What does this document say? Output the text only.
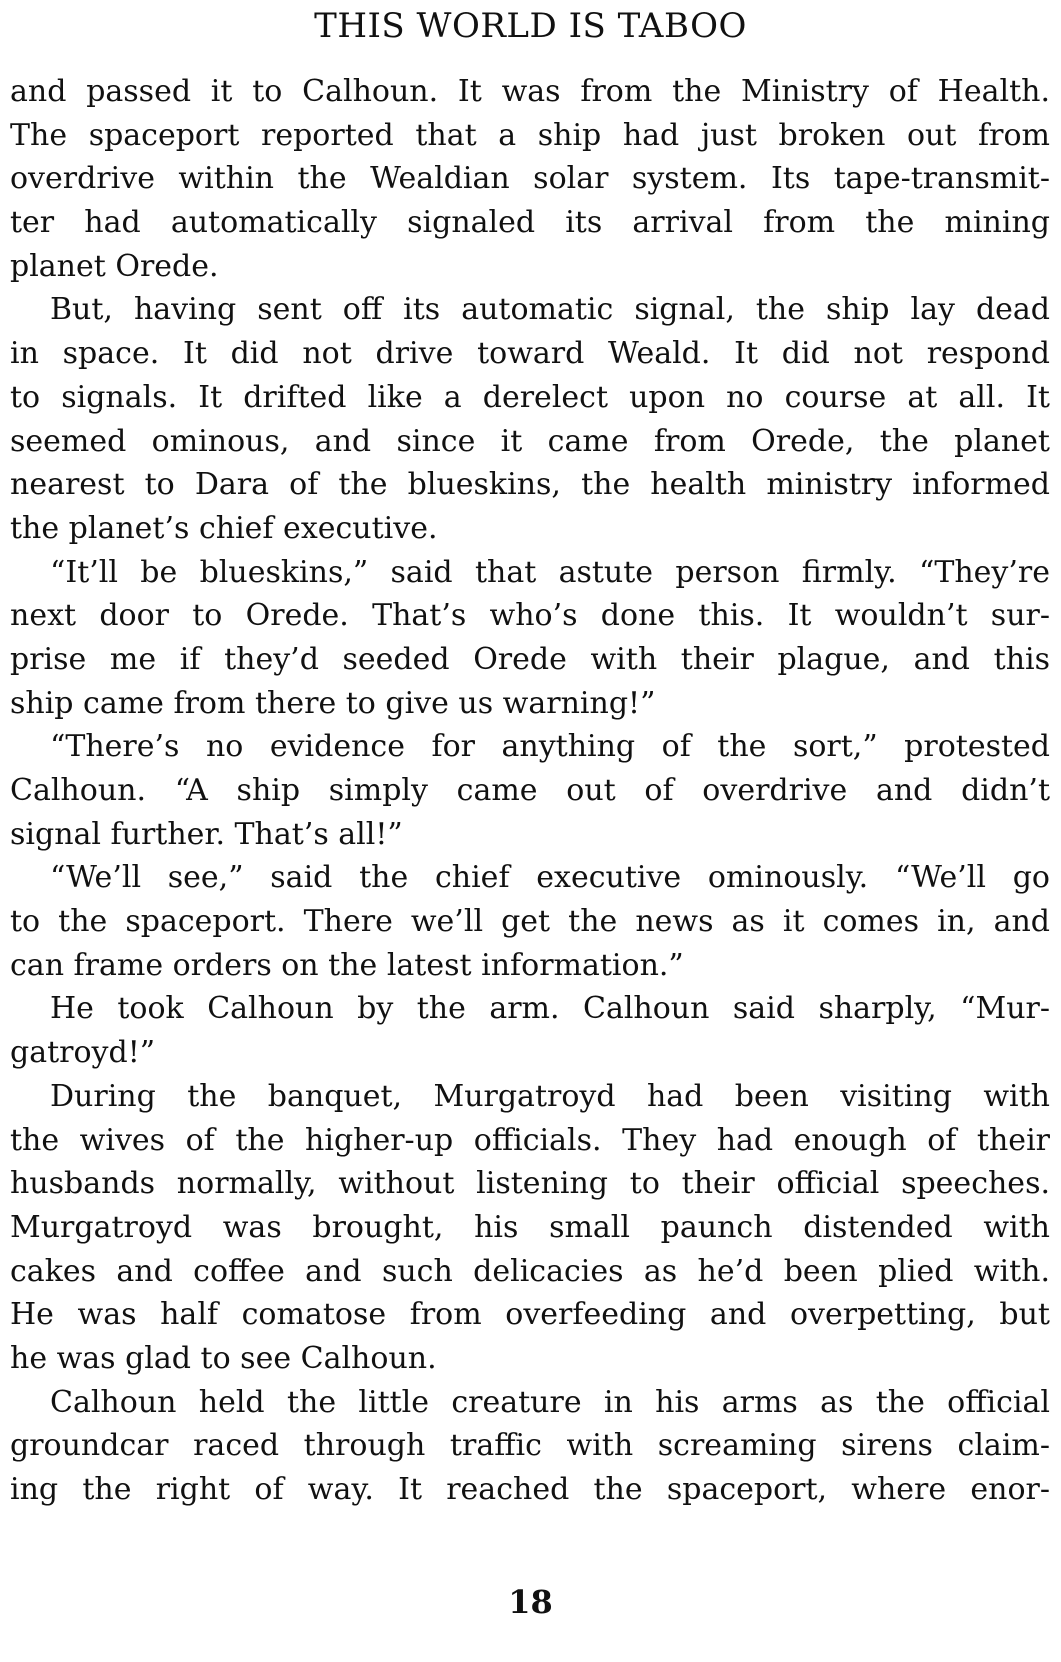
THIS WORLD IS TABOO
and passed it to Calhoun. It was from the Ministry of Health.
The spaceport reported that a ship had just broken out from
overdrive within the Wealdian solar system. Its tape-transmit-
ter had automatically signaled its arrival from the mining
planet Orede.
But, having sent off its automatic signal, the ship lay dead
in space. It did not drive toward Weald. It did not respond
to signals. It drifted like a derelect upon no course at all. It
seemed ominous, and since it came from Orede, the planet
nearest to Dara of the blueskins, the health ministry informed
the planet’s chief executive.
“It’ll be blueskins,” said that astute person firmly. “They’re
next door to Orede. That’s who’s done this. It wouldn’t sur-
prise me if they’d seeded Orede with their plague, and this
ship came from there to give us warning!”
“There’s no evidence for anything of the sort,” protested
Calhoun. “A ship simply came out of overdrive and didn’t
signal further. That’s all!”
“We’ll see,” said the chief executive ominously. “We’ll go
to the spaceport. There we’ll get the news as it comes in, and
can frame orders on the latest information.”
He took Calhoun by the arm. Calhoun said sharply, “Mur-
gatroyd!”
During the banquet, Murgatroyd had been visiting with
the wives of the higher-up officials. They had enough of their
husbands normally, without listening to their official speeches.
Murgatroyd was brought, his small paunch distended with
cakes and coffee and such delicacies as he’d been plied with.
He was half comatose from overfeeding and overpetting, but
he was glad to see Calhoun.
Calhoun held the little creature in his arms as the official
groundcar raced through traffic with screaming sirens claim-
ing the right of way. It reached the spaceport, where enor-
18
